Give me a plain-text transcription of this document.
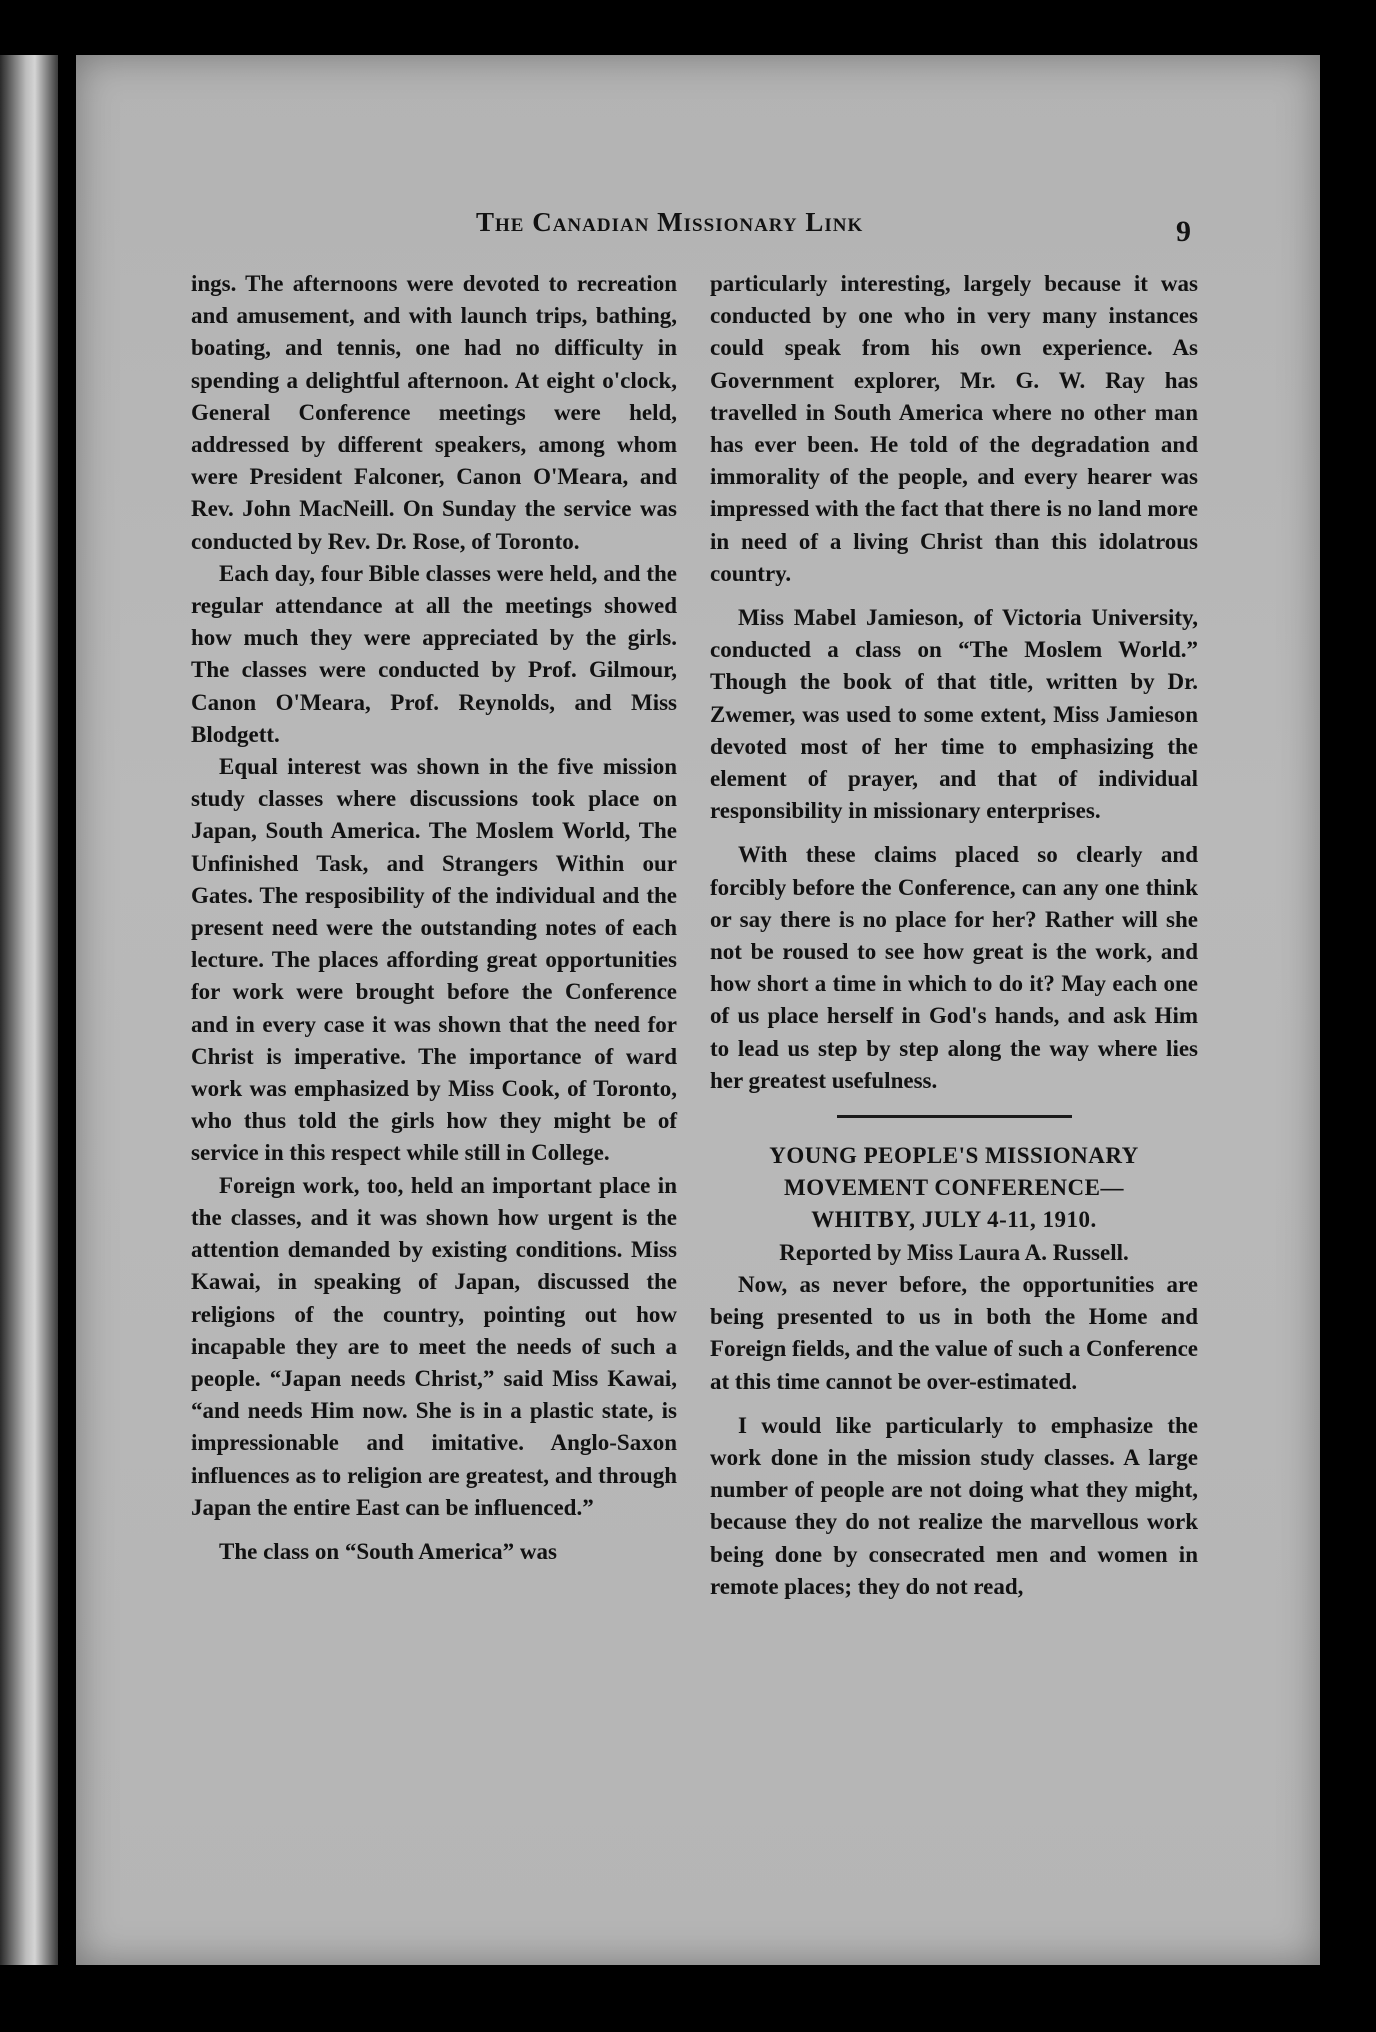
The Canadian Missionary Link	9

ings. The afternoons were devoted to recreation and amusement, and with launch trips, bathing, boating, and tennis, one had no difficulty in spending a delightful afternoon. At eight o'clock, General Conference meetings were held, addressed by different speakers, among whom were President Falconer, Canon O'Meara, and Rev. John MacNeill. On Sunday the service was conducted by Rev. Dr. Rose, of Toronto.

Each day, four Bible classes were held, and the regular attendance at all the meetings showed how much they were appreciated by the girls. The classes were conducted by Prof. Gilmour, Canon O'Meara, Prof. Reynolds, and Miss Blodgett.

Equal interest was shown in the five mission study classes where discussions took place on Japan, South America. The Moslem World, The Unfinished Task, and Strangers Within our Gates. The resposibility of the individual and the present need were the outstanding notes of each lecture. The places affording great opportunities for work were brought before the Conference and in every case it was shown that the need for Christ is imperative. The importance of ward work was emphasized by Miss Cook, of Toronto, who thus told the girls how they might be of service in this respect while still in College.

Foreign work, too, held an important place in the classes, and it was shown how urgent is the attention demanded by existing conditions. Miss Kawai, in speaking of Japan, discussed the religions of the country, pointing out how incapable they are to meet the needs of such a people. “Japan needs Christ,” said Miss Kawai, “and needs Him now. She is in a plastic state, is impressionable and imitative. Anglo-Saxon influences as to religion are greatest, and through Japan the entire East can be influenced.”

The class on “South America” was

particularly interesting, largely because it was conducted by one who in very many instances could speak from his own experience. As Government explorer, Mr. G. W. Ray has travelled in South America where no other man has ever been. He told of the degradation and immorality of the people, and every hearer was impressed with the fact that there is no land more in need of a living Christ than this idolatrous country.

Miss Mabel Jamieson, of Victoria University, conducted a class on “The Moslem World.” Though the book of that title, written by Dr. Zwemer, was used to some extent, Miss Jamieson devoted most of her time to emphasizing the element of prayer, and that of individual responsibility in missionary enterprises.

With these claims placed so clearly and forcibly before the Conference, can any one think or say there is no place for her? Rather will she not be roused to see how great is the work, and how short a time in which to do it? May each one of us place herself in God's hands, and ask Him to lead us step by step along the way where lies her greatest usefulness.

YOUNG PEOPLE'S MISSIONARY

MOVEMENT CONFERENCE—

WHITBY, JULY 4-11, 1910.

Reported by Miss Laura A. Russell.

Now, as never before, the opportunities are being presented to us in both the Home and Foreign fields, and the value of such a Conference at this time cannot be over-estimated.

I would like particularly to emphasize the work done in the mission study classes. A large number of people are not doing what they might, because they do not realize the marvellous work being done by consecrated men and women in remote places; they do not read,
